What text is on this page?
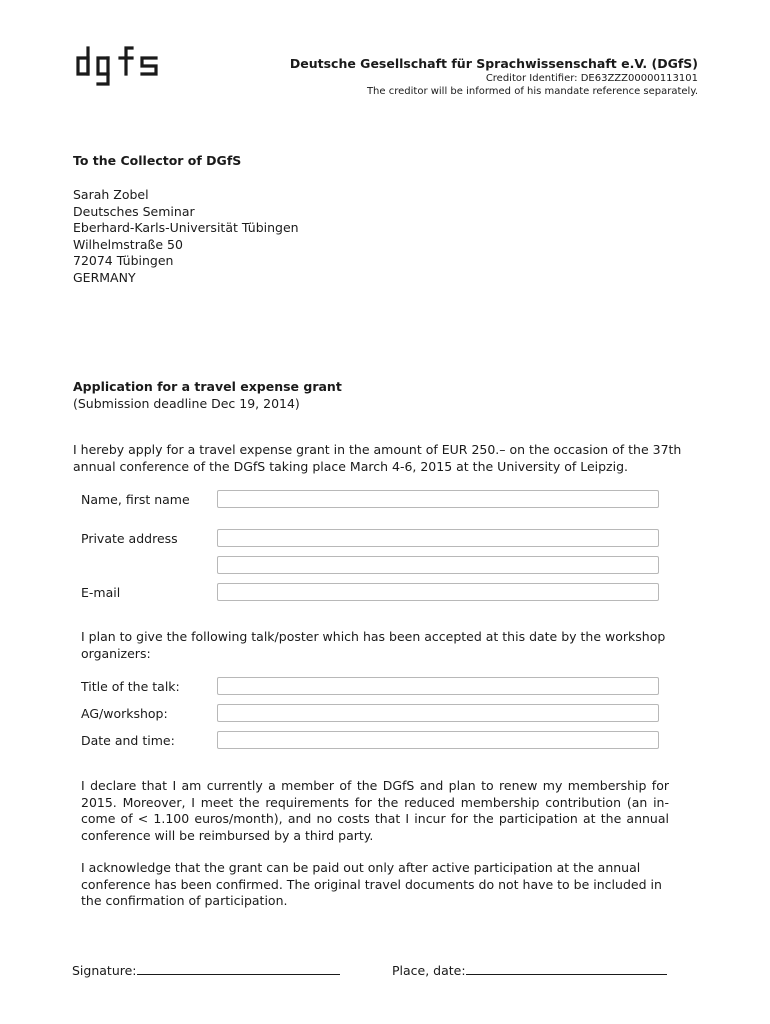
Deutsche Gesellschaft für Sprachwissenschaft e.V. (DGfS)
Creditor Identifier: DE63ZZZ00000113101
The creditor will be informed of his mandate reference separately.
To the Collector of DGfS
Sarah Zobel
Deutsches Seminar
Eberhard-Karls-Universität Tübingen
Wilhelmstraße 50
72074 Tübingen
GERMANY
Application for a travel expense grant
(Submission deadline Dec 19, 2014)
I hereby apply for a travel expense grant in the amount of EUR 250.– on the occasion of the 37th annual conference of the DGfS taking place March 4-6, 2015 at the University of Leipzig.
Name, first name
Private address
E-mail
I plan to give the following talk/poster which has been accepted at this date by the workshop organizers:
Title of the talk:
AG/workshop:
Date and time:
I declare that I am currently a member of the DGfS and plan to renew my membership for 2015. Moreover, I meet the requirements for the reduced membership contribution (an in-come of < 1.100 euros/month), and no costs that I incur for the participation at the annual conference will be reimbursed by a third party.
I acknowledge that the grant can be paid out only after active participation at the annual conference has been confirmed. The original travel documents do not have to be included in the confirmation of participation.
Signature:	Place, date:
